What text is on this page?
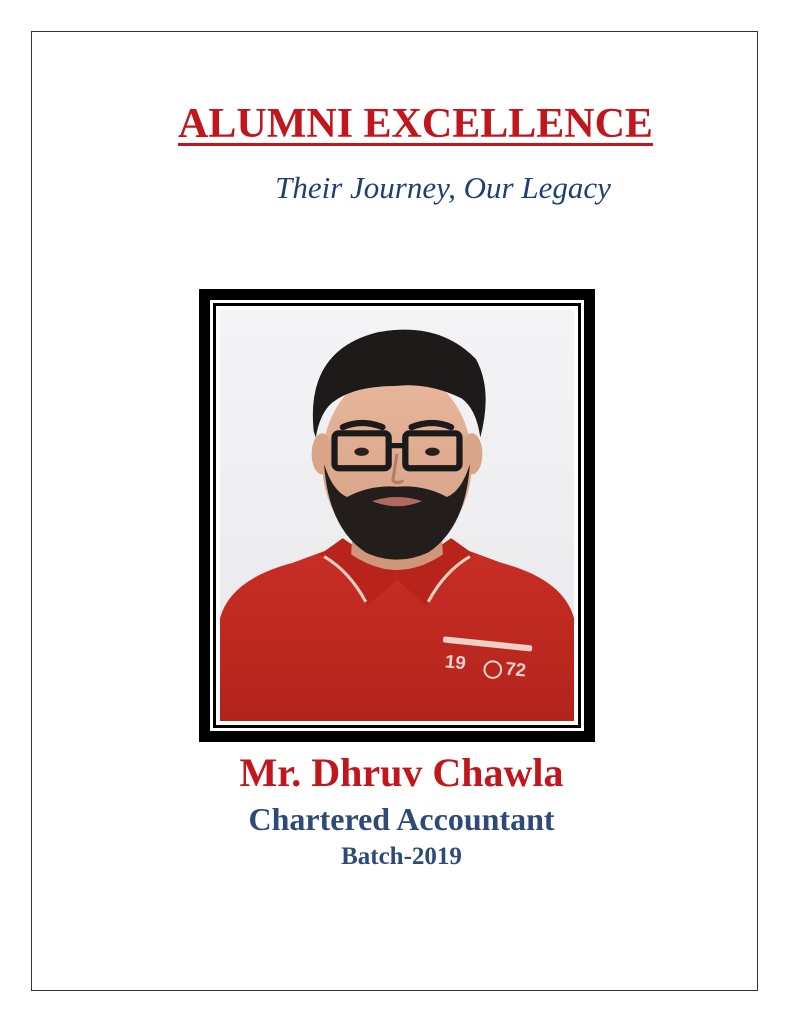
ALUMNI EXCELLENCE
Their Journey, Our Legacy
19 72
Mr. Dhruv Chawla
Chartered Accountant
Batch-2019
